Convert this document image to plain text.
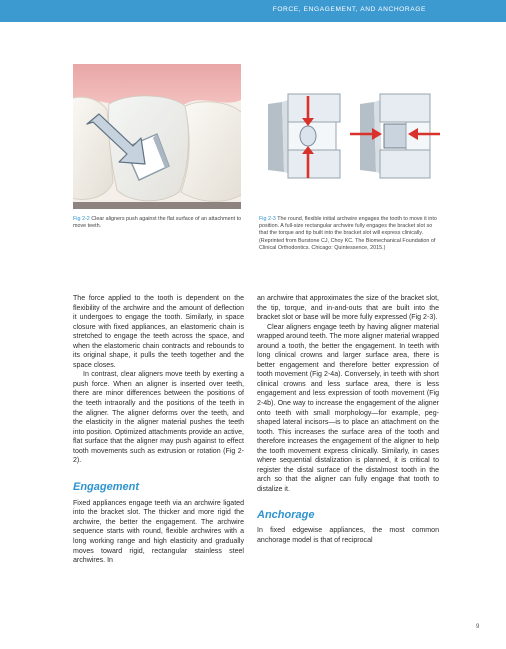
FORCE, ENGAGEMENT, AND ANCHORAGE
Fig 2-2 Clear aligners push against the flat surface of an attachment to move teeth.
Fig 2-3 The round, flexible initial archwire engages the tooth to move it into position. A full-size rectangular archwire fully engages the bracket slot so that the torque and tip built into the bracket slot will express clinically. (Reprinted from Burstone CJ, Choy KC. The Biomechanical Foundation of Clinical Orthodontics. Chicago: Quintessence, 2015.)

The force applied to the tooth is dependent on the flexibility of the archwire and the amount of deflection it undergoes to engage the tooth. Similarly, in space closure with fixed appliances, an elastomeric chain is stretched to engage the teeth across the space, and when the elastomeric chain contracts and rebounds to its original shape, it pulls the teeth together and the space closes.

In contrast, clear aligners move teeth by exerting a push force. When an aligner is inserted over teeth, there are minor differences between the positions of the teeth intraorally and the positions of the teeth in the aligner. The aligner deforms over the teeth, and the elasticity in the aligner material pushes the teeth into position. Optimized attachments provide an active, flat surface that the aligner may push against to effect tooth movements such as extrusion or rotation (Fig 2-2).

Engagement

Fixed appliances engage teeth via an archwire ligated into the bracket slot. The thicker and more rigid the archwire, the better the engagement. The archwire sequence starts with round, flexible archwires with a long working range and high elasticity and gradually moves toward rigid, rectangular stainless steel archwires. In

an archwire that approximates the size of the bracket slot, the tip, torque, and in-and-outs that are built into the bracket slot or base will be more fully expressed (Fig 2-3).

Clear aligners engage teeth by having aligner material wrapped around teeth. The more aligner material wrapped around a tooth, the better the engagement. In teeth with long clinical crowns and larger surface area, there is better engagement and therefore better expression of tooth movement (Fig 2-4a). Conversely, in teeth with short clinical crowns and less surface area, there is less engagement and less expression of tooth movement (Fig 2-4b). One way to increase the engagement of the aligner onto teeth with small morphology—for example, peg-shaped lateral incisors—is to place an attachment on the tooth. This increases the surface area of the tooth and therefore increases the engagement of the aligner to help the tooth movement express clinically. Similarly, in cases where sequential distalization is planned, it is critical to register the distal surface of the distalmost tooth in the arch so that the aligner can fully engage that tooth to distalize it.

Anchorage

In fixed edgewise appliances, the most common anchorage model is that of reciprocal

9
